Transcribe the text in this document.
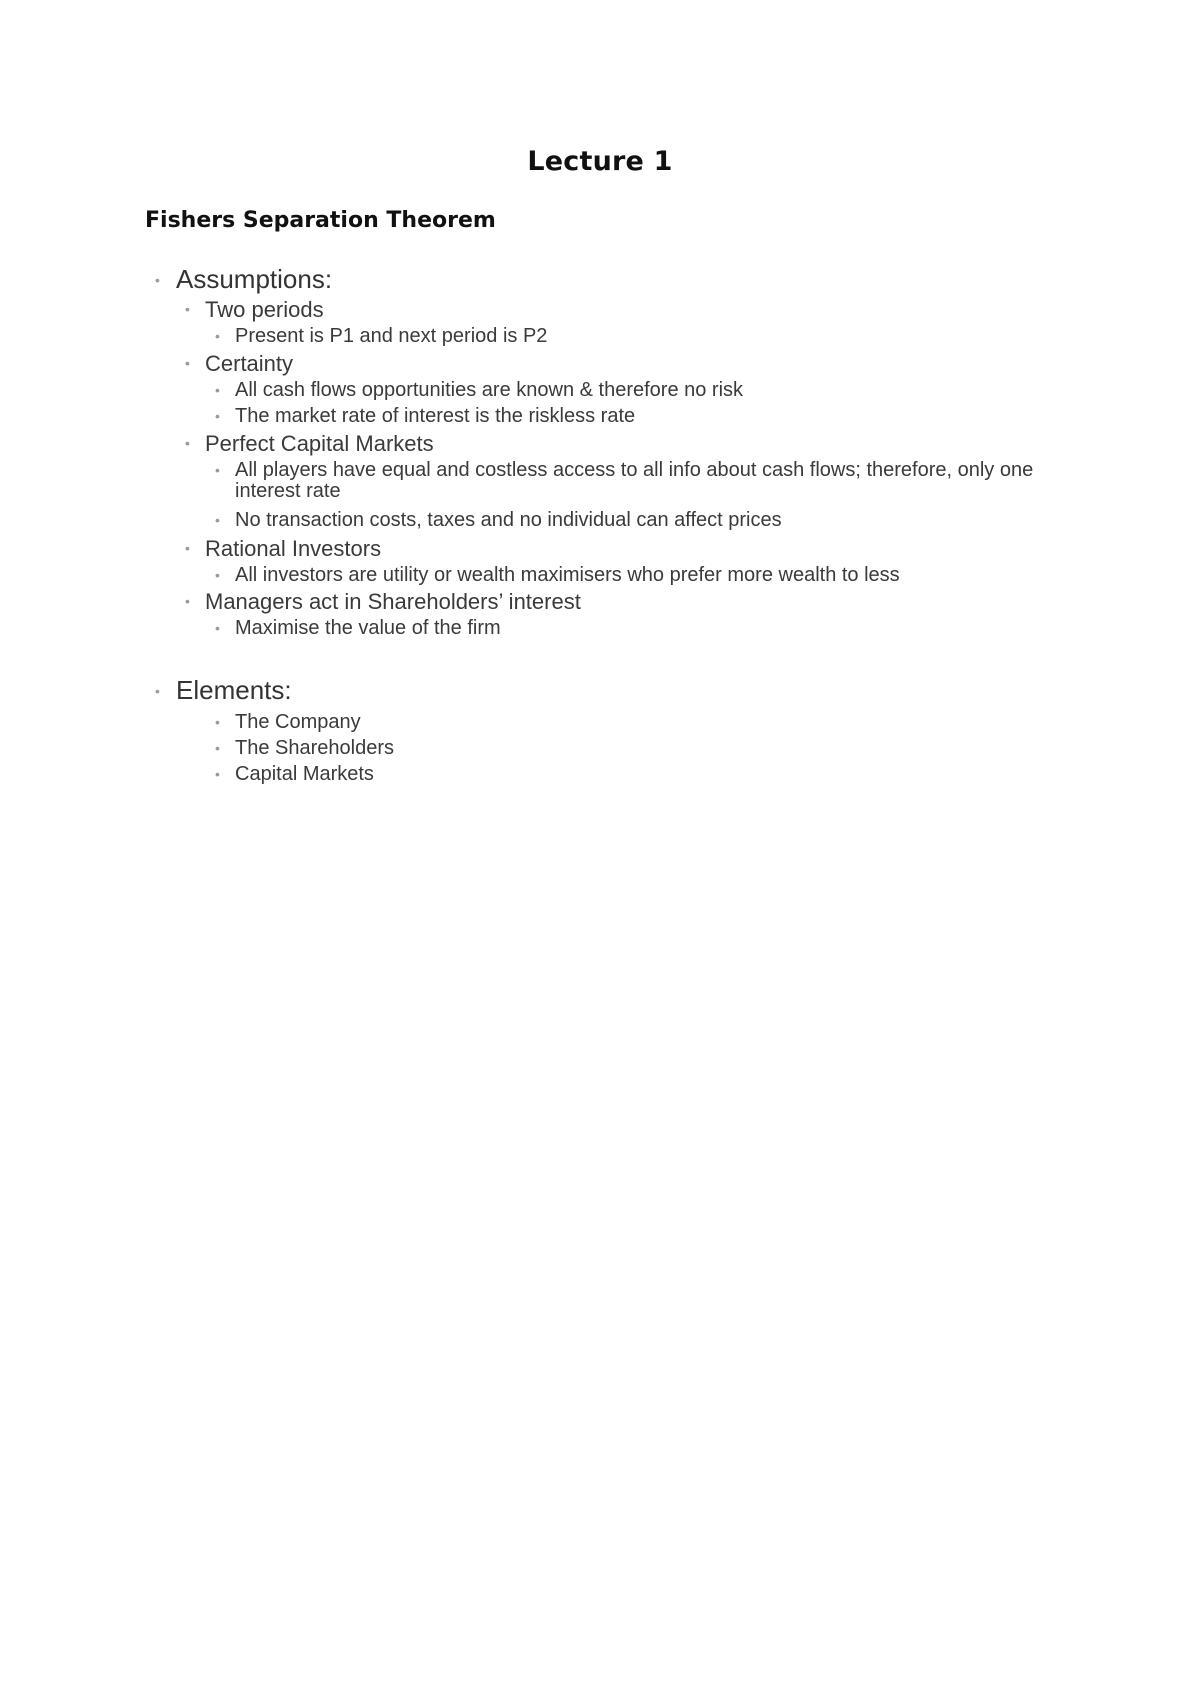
Lecture 1
Fishers Separation Theorem
• Assumptions:
• Two periods
• Present is P1 and next period is P2
• Certainty
• All cash flows opportunities are known & therefore no risk
• The market rate of interest is the riskless rate
• Perfect Capital Markets
• All players have equal and costless access to all info about cash flows; therefore, only one interest rate
• No transaction costs, taxes and no individual can affect prices
• Rational Investors
• All investors are utility or wealth maximisers who prefer more wealth to less
• Managers act in Shareholders’ interest
• Maximise the value of the firm
• Elements:
• The Company
• The Shareholders
• Capital Markets
